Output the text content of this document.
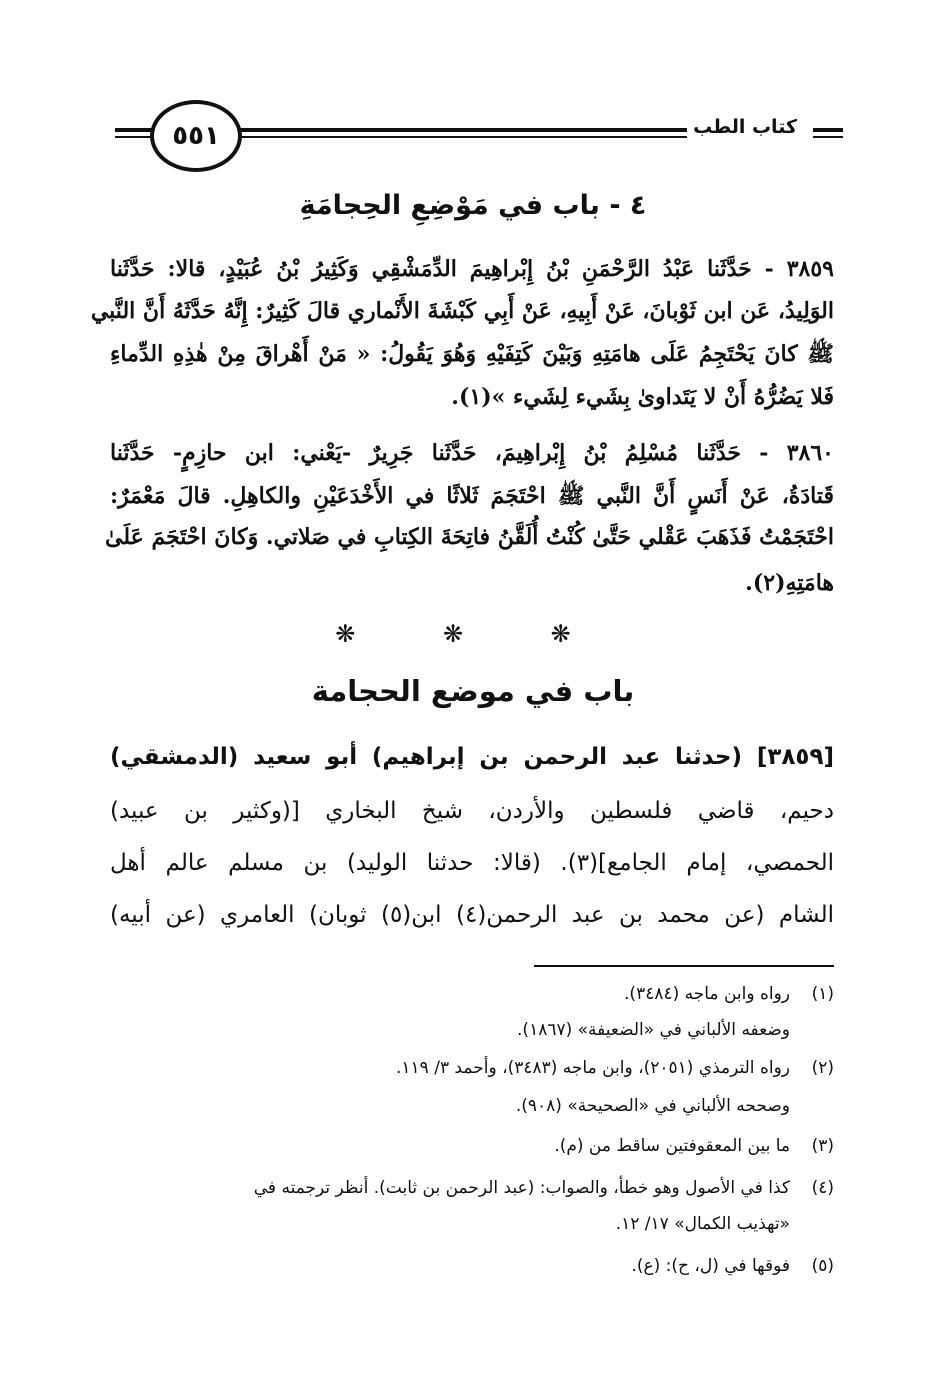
٥٥١	كتاب الطب
٤ - باب في مَوْضِعِ الحِجامَةِ
٣٨٥٩ - حَدَّثَنا عَبْدُ الرَّحْمَنِ بْنُ إِبْراهِيمَ الدِّمَشْقِي وَكَثِيرُ بْنُ عُبَيْدٍ، قالا: حَدَّثَنا
الوَلِيدُ، عَن ابن ثَوْبانَ، عَنْ أَبِيهِ، عَنْ أَبِي كَبْشَةَ الأَنْماري قالَ كَثِيرٌ: إِنَّهُ حَدَّثَهُ أَنَّ النَّبي
ﷺ كانَ يَحْتَجِمُ عَلَى هامَتِهِ وَبَيْنَ كَتِفَيْهِ وَهُوَ يَقُولُ: « مَنْ أَهْراقَ مِنْ هٰذِهِ الدِّماءِ
فَلا يَضُرُّهُ أَنْ لا يَتَداوىٰ بِشَيء لِشَيء »(١).
٣٨٦٠ - حَدَّثَنا مُسْلِمُ بْنُ إِبْراهِيمَ، حَدَّثَنا جَرِيرٌ -يَعْني: ابن حازِمٍ- حَدَّثَنا
قَتادَةُ، عَنْ أَنَسٍ أَنَّ النَّبي ﷺ احْتَجَمَ ثَلاثًا في الأَخْدَعَيْنِ والكاهِلِ. قالَ مَعْمَرٌ:
احْتَجَمْتُ فَذَهَبَ عَقْلي حَتَّىٰ كُنْتُ أُلَقَّنُ فاتِحَةَ الكِتابِ في صَلاتي. وَكانَ احْتَجَمَ عَلَىٰ
هامَتِهِ(٢).
❋ ❋ ❋
باب في موضع الحجامة
[٣٨٥٩] (حدثنا عبد الرحمن بن إبراهيم) أبو سعيد (الدمشقي)
دحيم، قاضي فلسطين والأردن، شيخ البخاري [(وكثير بن عبيد)
الحمصي، إمام الجامع](٣). (قالا: حدثنا الوليد) بن مسلم عالم أهل
الشام (عن محمد بن عبد الرحمن(٤) ابن(٥) ثوبان) العامري (عن أبيه)
(١)رواه وابن ماجه (٣٤٨٤).
وضعفه الألباني في «الضعيفة» (١٨٦٧).
(٢)رواه الترمذي (٢٠٥١)، وابن ماجه (٣٤٨٣)، وأحمد ٣/ ١١٩.
وصححه الألباني في «الصحيحة» (٩٠٨).
(٣)ما بين المعقوفتين ساقط من (م).
(٤)كذا في الأصول وهو خطأ، والصواب: (عبد الرحمن بن ثابت). أنظر ترجمته في
«تهذيب الكمال» ١٧/ ١٢.
(٥)فوقها في (ل، ح): (ع).
